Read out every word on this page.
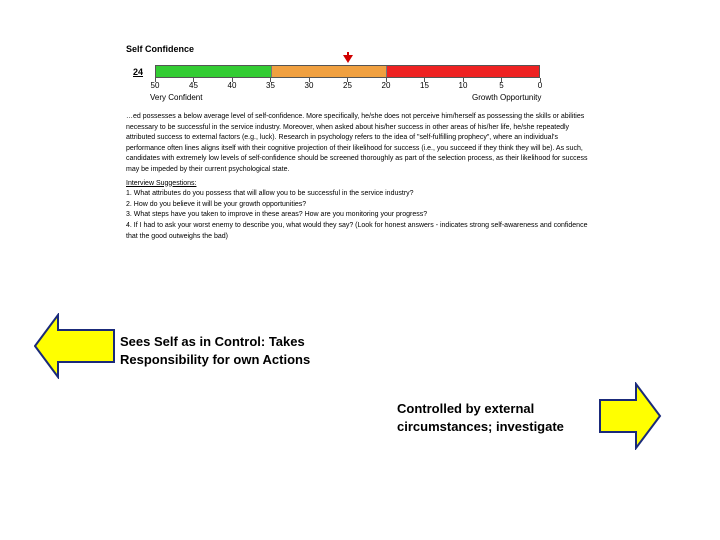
Self Confidence
24
50	45	40	35	30	25	20	15	10	5	0
Very Confident	Growth Opportunity
…ed possesses a below average level of self-confidence. More specifically, he/she does not perceive him/herself as possessing the skills or abilities necessary to be successful in the service industry. Moreover, when asked about his/her success in other areas of his/her life, he/she repeatedly attributed success to external factors (e.g., luck). Research in psychology refers to the idea of "self-fulfilling prophecy", where an individual's performance often lines aligns itself with their cognitive projection of their likelihood for success (i.e., you succeed if they think they will be). As such, candidates with extremely low levels of self-confidence should be screened thoroughly as part of the selection process, as their likelihood for success may be impeded by their current psychological state.
Interview Suggestions:

1. What attributes do you possess that will allow you to be successful in the service industry?

2. How do you believe it will be your growth opportunities?

3. What steps have you taken to improve in these areas? How are you monitoring your progress?

4. If I had to ask your worst enemy to describe you, what would they say? (Look for honest answers - indicates strong self-awareness and confidence that the good outweighs the bad)

Sees Self as in Control: Takes Responsibility for own Actions
Controlled by external circumstances; investigate
